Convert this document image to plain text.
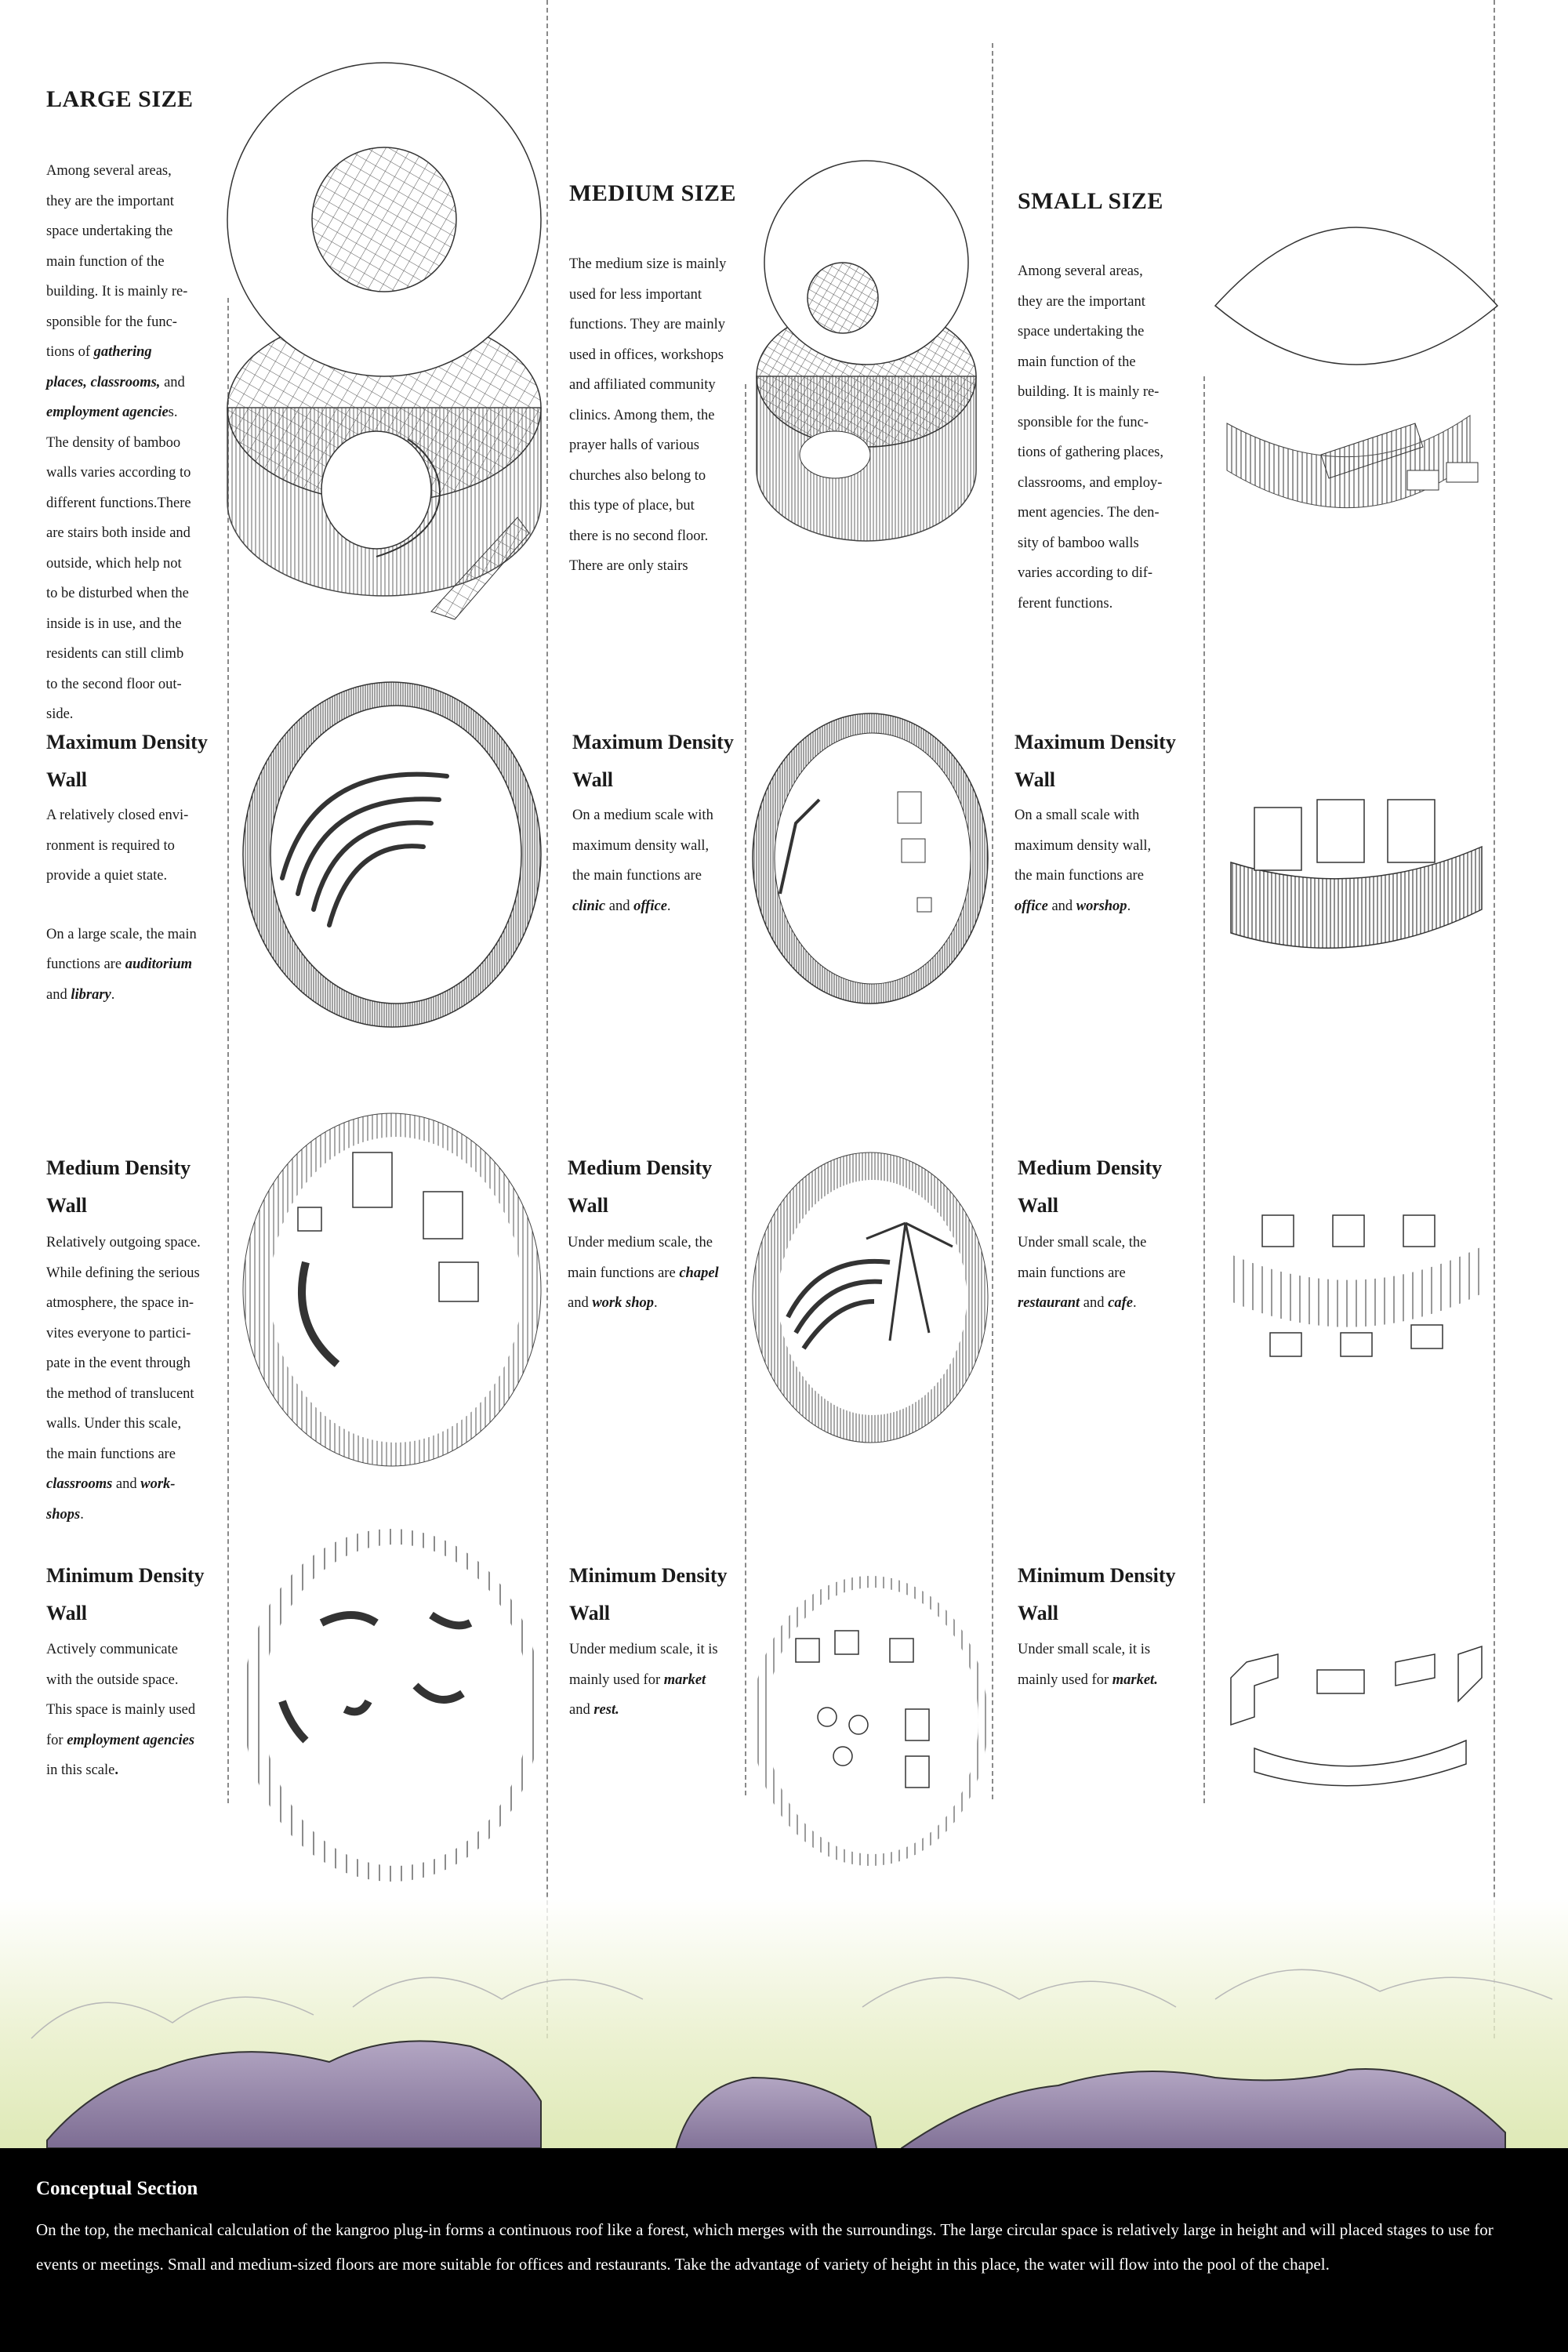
LARGE SIZE
Among several areas,
they are the important
space undertaking the
main function of the
building. It is mainly re-
sponsible for the func-
tions of gathering
places, classrooms, and
employment agencies.
The density of bamboo
walls varies according to
different functions.There
are stairs both inside and
outside, which help not
to be disturbed when the
inside is in use, and the
residents can still climb
to the second floor out-
side.
Maximum Density
Wall
A relatively closed envi-
ronment is required to
provide a quiet state.
On a large scale, the main
functions are auditorium
and library.
Medium Density
Wall
Relatively outgoing space.
While defining the serious
atmosphere, the space in-
vites everyone to partici-
pate in the event through
the method of translucent
walls. Under this scale,
the main functions are
classrooms and work-
shops.
Minimum Density
Wall
Actively communicate
with the outside space.
This space is mainly used
for employment agencies
in this scale.
MEDIUM SIZE
The medium size is mainly
used for less important
functions. They are mainly
used in offices, workshops
and affiliated community
clinics. Among them, the
prayer halls of various
churches also belong to
this type of place, but
there is no second floor.
There are only stairs
Maximum Density
Wall
On a medium scale with
maximum density wall,
the main functions are
clinic and office.
Medium Density
Wall
Under medium scale, the
main functions are chapel
and work shop.
Minimum Density
Wall
Under medium scale, it is
mainly used for market
and rest.
SMALL SIZE
Among several areas,
they are the important
space undertaking the
main function of the
building. It is mainly re-
sponsible for the func-
tions of gathering places,
classrooms, and employ-
ment agencies. The den-
sity of bamboo walls
varies according to dif-
ferent functions.
Maximum Density
Wall
On a small scale with
maximum density wall,
the main functions are
office and worshop.
Medium Density
Wall
Under small scale, the
main functions are
restaurant and cafe.
Minimum Density
Wall
Under small scale, it is
mainly used for market.
Conceptual Section

On the top, the mechanical calculation of the kangroo plug-in forms a continuous roof like a forest, which merges with the surroundings. The large circular space is relatively large in height and will placed stages to use for events or meetings. Small and medium-sized floors are more suitable for offices and restaurants. Take the advantage of variety of height in this place, the water will flow into the pool of the chapel.
